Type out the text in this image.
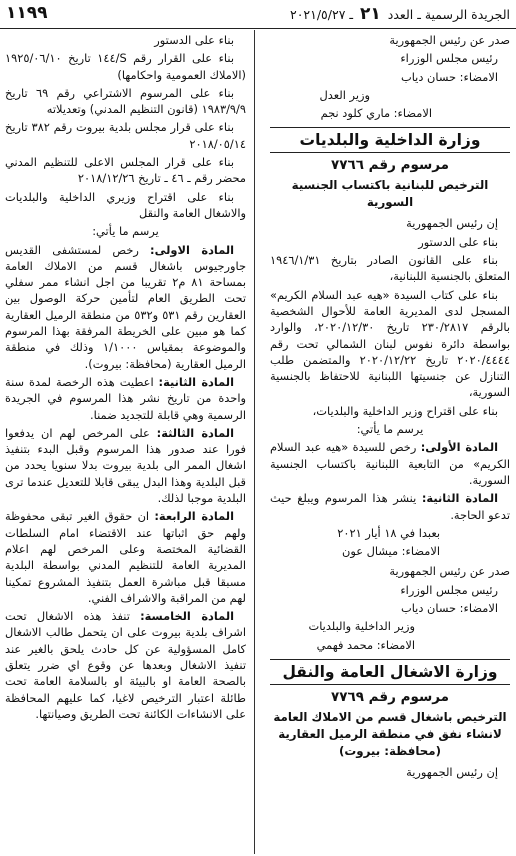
١١٩٩	الجريدة الرسمية ـ العدد ٢١ ـ ٢٠٢١/٥/٢٧

صدر عن رئيس الجمهورية

رئيس مجلس الوزراء

الامضاء: حسان دياب

وزير العدل

الامضاء: ماري كلود نجم

وزارة الداخلية والبلديات
مرسوم رقم ٧٧٦٦
الترخيص للبنانية باكتساب الجنسية السورية

إن رئيس الجمهورية

بناء على الدستور

بناء على القانون الصادر بتاريخ ١٩٤٦/١/٣١ المتعلق بالجنسية اللبنانية،

بناء على كتاب السيدة «هيه عبد السلام الكريم» المسجل لدى المديرية العامة للأحوال الشخصية بالرقم ٢٣٠/٢٨١٧ تاريخ ٢٠٢٠/١٢/٣٠، والوارد بواسطة دائرة نفوس لبنان الشمالي تحت رقم ٢٠٢٠/٤٤٤٤ تاريخ ٢٠٢٠/١٢/٢٢ والمتضمن طلب التنازل عن جنسيتها اللبنانية للاحتفاظ بالجنسية السورية،

بناء على اقتراح وزير الداخلية والبلديات،

يرسم ما يأتي:

المادة الأولى: رخص للسيدة «هيه عبد السلام الكريم» من التابعية اللبنانية باكتساب الجنسية السورية.

المادة الثانية: ينشر هذا المرسوم ويبلغ حيث تدعو الحاجة.

بعبدا في ١٨ أيار ٢٠٢١

الامضاء: ميشال عون

صدر عن رئيس الجمهورية

رئيس مجلس الوزراء

الامضاء: حسان دياب

وزير الداخلية والبلديات

الامضاء: محمد فهمي

وزارة الاشغال العامة والنقل
مرسوم رقم ٧٧٦٩
الترخيص باشغال قسم من الاملاك العامة لانشاء نفق في منطقة الرميل العقارية
(محافظة: بيروت)

إن رئيس الجمهورية

بناء على الدستور

بناء على القرار رقم S/١٤٤ تاريخ ١٩٢٥/٠٦/١٠ (الاملاك العمومية واحكامها)

بناء على المرسوم الاشتراعي رقم ٦٩ تاريخ ١٩٨٣/٩/٩ (قانون التنظيم المدني) وتعديلاته

بناء على قرار مجلس بلدية بيروت رقم ٣٨٢ تاريخ ٢٠١٨/٠٥/١٤

بناء على قرار المجلس الاعلى للتنظيم المدني محضر رقم ـ ٤٦ ـ تاريخ ٢٠١٨/١٢/٢٦

بناء على اقتراح وزيري الداخلية والبلديات والاشغال العامة والنقل

يرسم ما يأتي:

المادة الاولى: رخص لمستشفى القديس جاورجيوس باشغال قسم من الاملاك العامة بمساحة ٨١ م٢ تقريبا من اجل انشاء ممر سفلي تحت الطريق العام لتأمين حركة الوصول بين العقارين رقم ٥٣١ و٥٣٢ من منطقة الرميل العقارية كما هو مبين على الخريطة المرفقة بهذا المرسوم والموضوعة بمقياس ١/١٠٠٠ وذلك في منطقة الرميل العقارية (محافظة: بيروت).

المادة الثانية: اعطيت هذه الرخصة لمدة سنة واحدة من تاريخ نشر هذا المرسوم في الجريدة الرسمية وهي قابلة للتجديد ضمنا.

المادة الثالثة: على المرخص لهم ان يدفعوا فورا عند صدور هذا المرسوم وقبل البدء بتنفيذ اشغال الممر الى بلدية بيروت بدلا سنويا يحدد من قبل البلدية وهذا البدل يبقى قابلا للتعديل عندما ترى البلدية موجبا لذلك.

المادة الرابعة: ان حقوق الغير تبقى محفوظة ولهم حق اثباتها عند الاقتضاء امام السلطات القضائية المختصة وعلى المرخص لهم اعلام المديرية العامة للتنظيم المدني بواسطة البلدية مسبقا قبل مباشرة العمل بتنفيذ المشروع تمكينا لهم من المراقبة والاشراف الفني.

المادة الخامسة: تنفذ هذه الاشغال تحت اشراف بلدية بيروت على ان يتحمل طالب الاشغال كامل المسؤولية عن كل حادث يلحق بالغير عند تنفيذ الاشغال وبعدها عن وقوع اي ضرر يتعلق بالصحة العامة او بالبيئة او بالسلامة العامة تحت طائلة اعتبار الترخيص لاغيا، كما عليهم المحافظة على الانشاءات الكائنة تحت الطريق وصيانتها.
